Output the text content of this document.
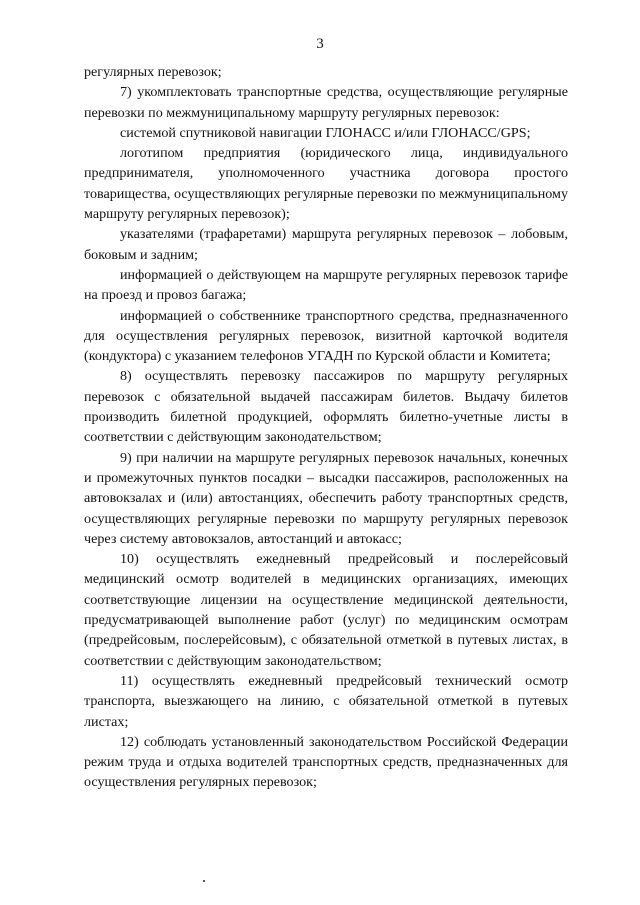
3

регулярных перевозок;

7) укомплектовать транспортные средства, осуществляющие регулярные перевозки по межмуниципальному маршруту регулярных перевозок:

системой спутниковой навигации ГЛОНАСС и/или ГЛОНАСС/GPS;

логотипом предприятия (юридического лица, индивидуального предпринимателя, уполномоченного участника договора простого товарищества, осуществляющих регулярные перевозки по межмуниципальному маршруту регулярных перевозок);

указателями (трафаретами) маршрута регулярных перевозок – лобовым, боковым и задним;

информацией о действующем на маршруте регулярных перевозок тарифе на проезд и провоз багажа;

информацией о собственнике транспортного средства, предназначенного для осуществления регулярных перевозок, визитной карточкой водителя (кондуктора) с указанием телефонов УГАДН по Курской области и Комитета;

8) осуществлять перевозку пассажиров по маршруту регулярных перевозок с обязательной выдачей пассажирам билетов. Выдачу билетов производить билетной продукцией, оформлять билетно-учетные листы в соответствии с действующим законодательством;

9) при наличии на маршруте регулярных перевозок начальных, конечных и промежуточных пунктов посадки – высадки пассажиров, расположенных на автовокзалах и (или) автостанциях, обеспечить работу транспортных средств, осуществляющих регулярные перевозки по маршруту регулярных перевозок через систему автовокзалов, автостанций и автокасс;

10) осуществлять ежедневный предрейсовый и послерейсовый медицинский осмотр водителей в медицинских организациях, имеющих соответствующие лицензии на осуществление медицинской деятельности, предусматривающей выполнение работ (услуг) по медицинским осмотрам (предрейсовым, послерейсовым), с обязательной отметкой в путевых листах, в соответствии с действующим законодательством;

11) осуществлять ежедневный предрейсовый технический осмотр транспорта, выезжающего на линию, с обязательной отметкой в путевых листах;

12) соблюдать установленный законодательством Российской Федерации режим труда и отдыха водителей транспортных средств, предназначенных для осуществления регулярных перевозок;
